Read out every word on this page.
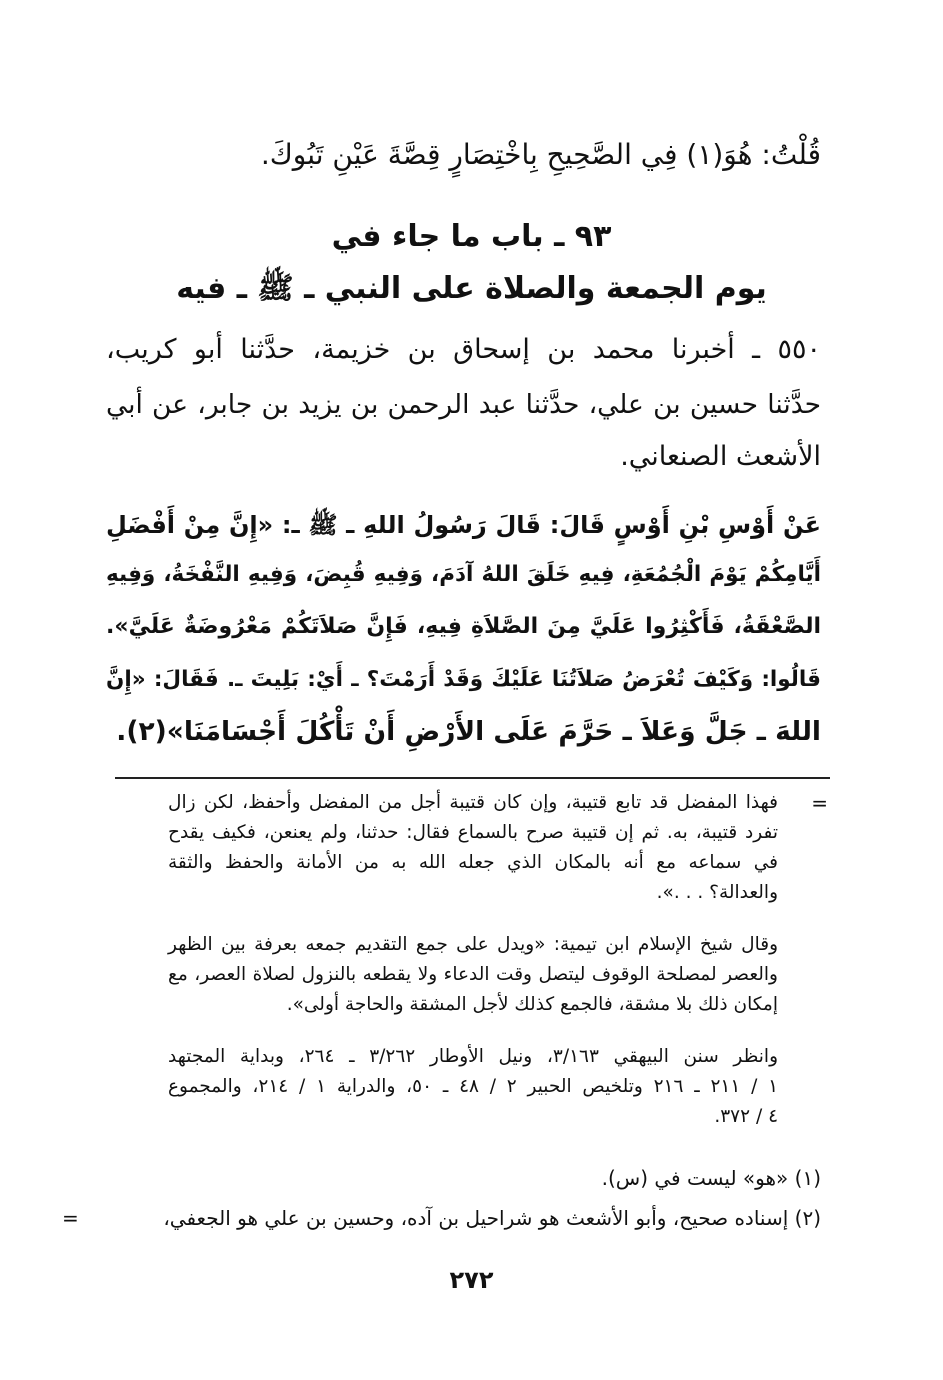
قُلْتُ: هُوَ(١) فِي الصَّحِيحِ بِاخْتِصَارٍ قِصَّةَ عَيْنِ تَبُوكَ.
٩٣ ـ باب ما جاء في
يوم الجمعة والصلاة على النبي ـ ﷺ ـ فيه
٥٥٠ ـ أخبرنا محمد بن إسحاق بن خزيمة، حدَّثنا أبو كريب،
حدَّثنا حسين بن علي، حدَّثنا عبد الرحمن بن يزيد بن جابر، عن أبي
الأشعث الصنعاني.
عَنْ أَوْسِ بْنِ أَوْسٍ قَالَ: قَالَ رَسُولُ اللهِ ـ ﷺ ـ: «إِنَّ مِنْ أَفْضَلِ
أَيَّامِكُمْ يَوْمَ الْجُمُعَةِ، فِيهِ خَلَقَ اللهُ آدَمَ، وَفِيهِ قُبِضَ، وَفِيهِ النَّفْخَةُ، وَفِيهِ
الصَّعْقَةُ، فَأَكْثِرُوا عَلَيَّ مِنَ الصَّلاَةِ فِيهِ، فَإِنَّ صَلاَتَكُمْ مَعْرُوضَةٌ عَلَيَّ».
قَالُوا: وَكَيْفَ تُعْرَضُ صَلاَتُنَا عَلَيْكَ وَقَدْ أَرَمْتَ؟ ـ أَيْ: بَلِيتَ ـ. فَقَالَ: «إِنَّ
اللهَ ـ جَلَّ وَعَلاَ ـ حَرَّمَ عَلَى الأَرْضِ أَنْ تَأْكُلَ أَجْسَامَنَا»(٢).
=
فهذا المفضل قد تابع قتيبة، وإن كان قتيبة أجل من المفضل وأحفظ، لكن زال
تفرد قتيبة، به. ثم إن قتيبة صرح بالسماع فقال: حدثنا، ولم يعنعن، فكيف يقدح
في سماعه مع أنه بالمكان الذي جعله الله به من الأمانة والحفظ والثقة
والعدالة؟ . . .».
وقال شيخ الإسلام ابن تيمية: «ويدل على جمع التقديم جمعه بعرفة بين الظهر
والعصر لمصلحة الوقوف ليتصل وقت الدعاء ولا يقطعه بالنزول لصلاة العصر، مع
إمكان ذلك بلا مشقة، فالجمع كذلك لأجل المشقة والحاجة أولى».
وانظر سنن البيهقي ٣/١٦٣، ونيل الأوطار ٣/٢٦٢ ـ ٢٦٤، وبداية المجتهد
١ / ٢١١ ـ ٢١٦ وتلخيص الحبير ٢ / ٤٨ ـ ٥٠، والدراية ١ / ٢١٤، والمجموع
٤ / ٣٧٢.
(١) «هو» ليست في (س).
(٢) إسناده صحيح، وأبو الأشعث هو شراحيل بن آده، وحسين بن علي هو الجعفي،
=
٢٧٢
